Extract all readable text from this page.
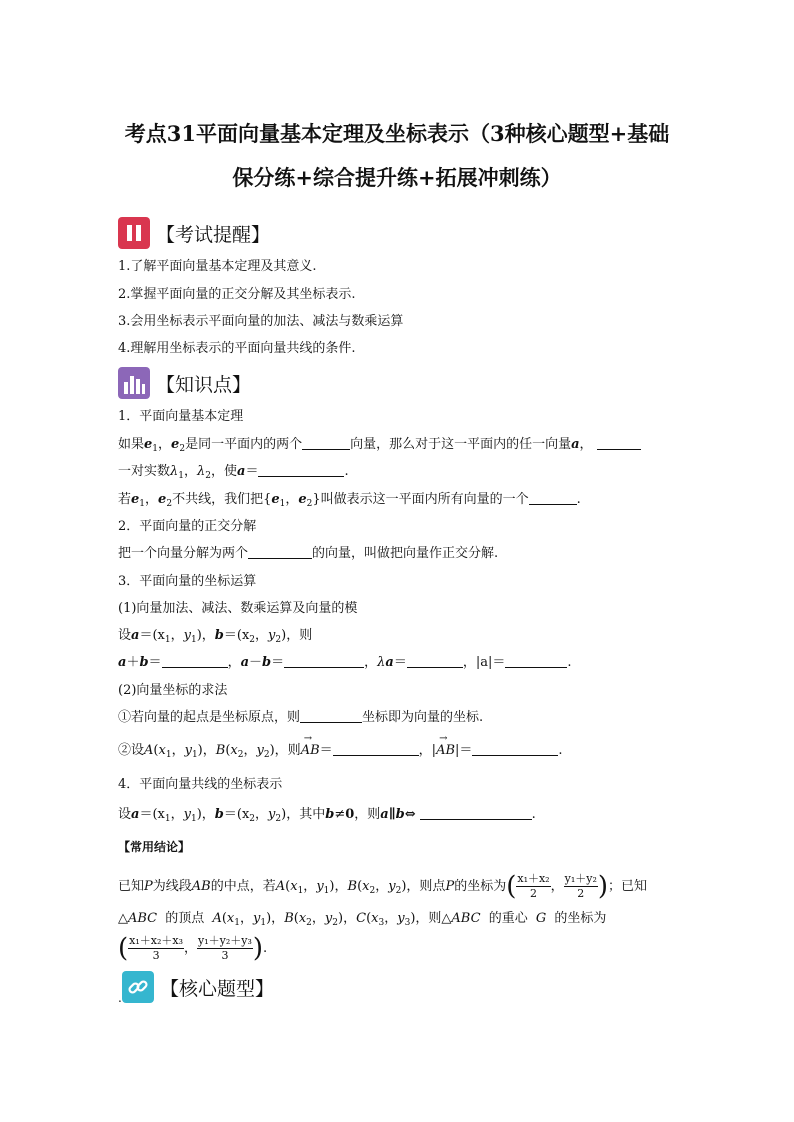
考点31平面向量基本定理及坐标表示（3种核心题型+基础
保分练+综合提升练+拓展冲刺练）
【考试提醒】
1.了解平面向量基本定理及其意义.
2.掌握平面向量的正交分解及其坐标表示.
3.会用坐标表示平面向量的加法、减法与数乘运算
4.理解用坐标表示的平面向量共线的条件.
【知识点】
1．平面向量基本定理
如果$e_1$，$e_2$是同一平面内的两个	向量，那么对于这一平面内的任一向量a，
一对实数$\lambda_1$，$\lambda_2$，使a＝	.
若$e_1$，$e_2$不共线，我们把{$e_1$，$e_2$}叫做表示这一平面内所有向量的一个	.
2．平面向量的正交分解
把一个向量分解为两个	的向量，叫做把向量作正交分解.
3．平面向量的坐标运算
(1)向量加法、减法、数乘运算及向量的模
设$a=(x_1$，$y_1$)，$b=(x_2$，$y_2$)，则
a＋b＝	，a－b＝	，λa＝	，|a|＝	.
(2)向量坐标的求法
①若向量的起点是坐标原点，则	坐标即为向量的坐标.
②设$A(x_1$，$y_1$)，$B(x_2$，$y_2$)，则→ AB＝	，|→ AB|＝	.
4．平面向量共线的坐标表示
设$a=(x_1$，$y_1$)，$b=(x_2$，$y_2$)，其中b≠0，则a∥b⇔	.
【常用结论】
已知P为线段AB的中点，若$A(x_1$，$y_1$)，$B(x_2$，$y_2$)，则点P的坐标为( $\frac{\text{x₁＋x₂}}{2}$ ， $\frac{\text{y₁＋y₂}}{2}$ )；已知
△ABC 的顶点 $A(x_1$，$y_1$)，$B(x_2$，$y_2$)，$C(x_3$，$y_3$)，则△ABC 的重心 G 的坐标为
( $\frac{\text{x₁＋x₂＋x₃}}{3}$ ， $\frac{\text{y₁＋y₂＋y₃}}{3}$ ).
. 【核心题型】
